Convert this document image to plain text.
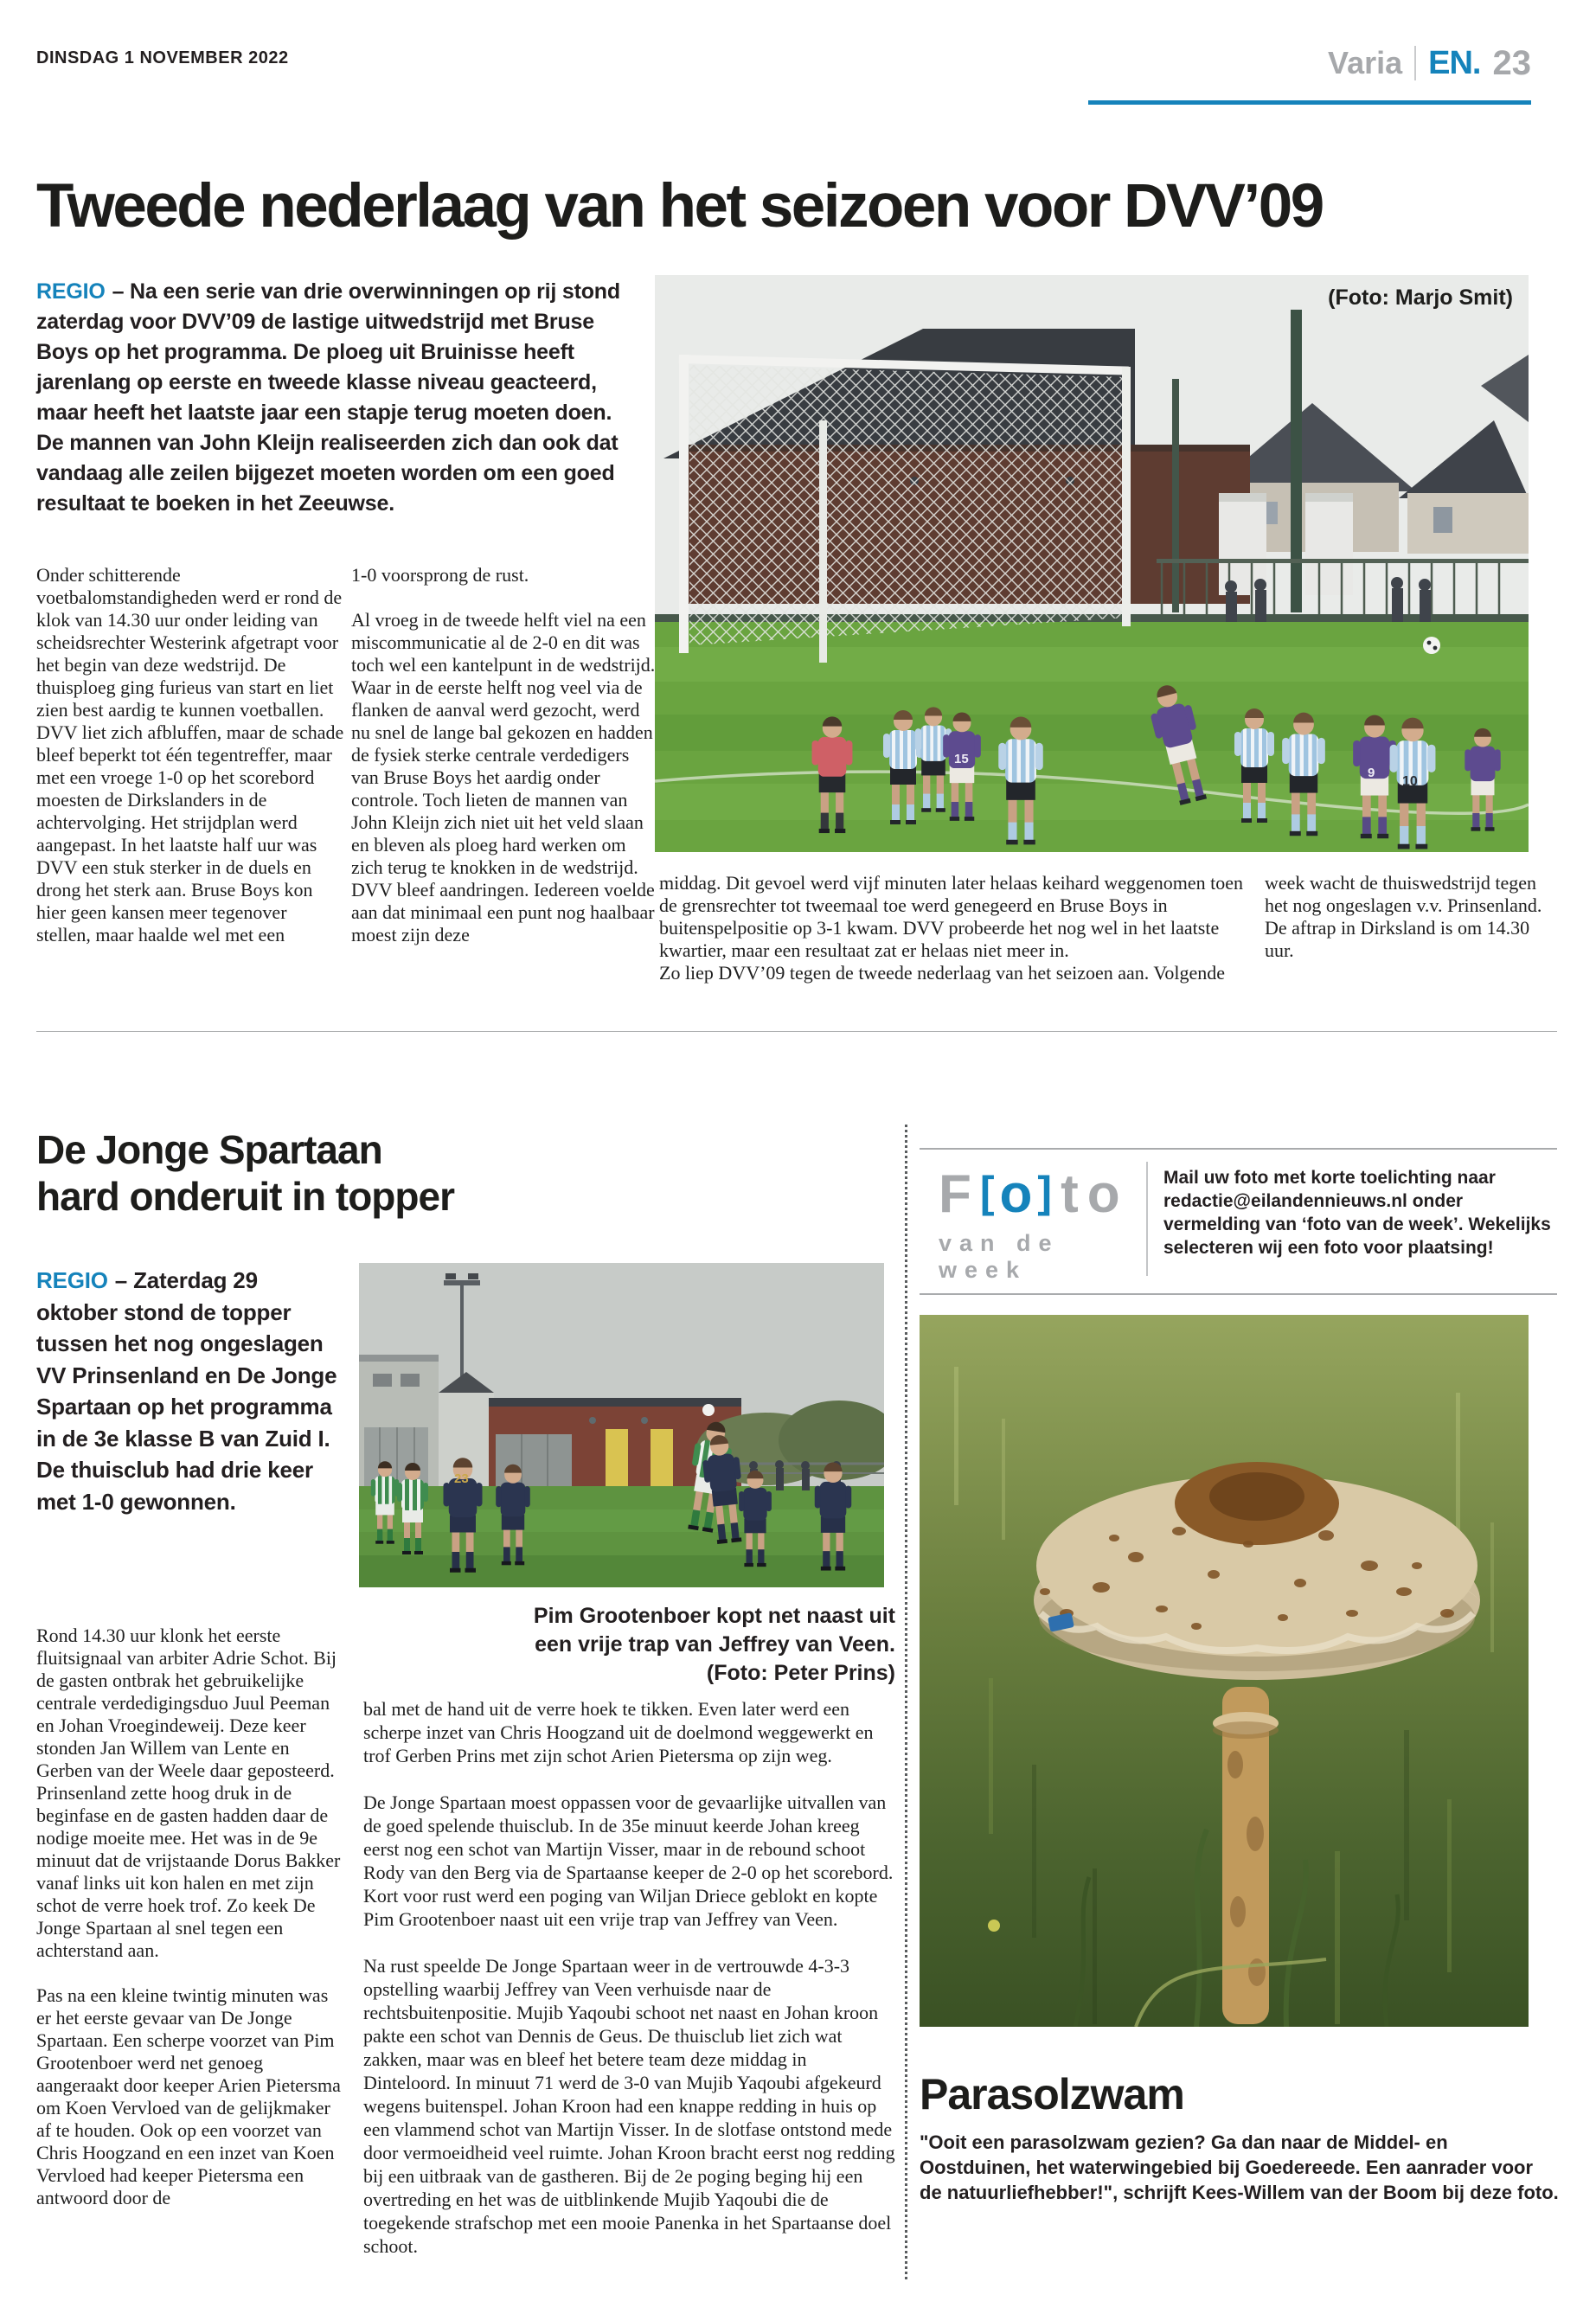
DINSDAG 1 NOVEMBER 2022	Varia EN. 23
Tweede nederlaag van het seizoen voor DVV’09
REGIO – Na een serie van drie overwinningen op rij stond zaterdag voor DVV’09 de lastige uitwedstrijd met Bruse Boys op het programma. De ploeg uit Bruinisse heeft jarenlang op eerste en tweede klasse niveau geacteerd, maar heeft het laatste jaar een stapje terug moeten doen. De mannen van John Kleijn realiseerden zich dan ook dat vandaag alle zeilen bijgezet moeten worden om een goed resultaat te boeken in het Zeeuwse.
15
9
10
(Foto: Marjo Smit)

Onder schitterende voetbalomstandigheden werd er rond de klok van 14.30 uur onder leiding van scheidsrechter Westerink afgetrapt voor het begin van deze wedstrijd. De thuisploeg ging furieus van start en liet zien best aardig te kunnen voetballen. DVV liet zich afbluffen, maar de schade bleef beperkt tot één tegentreffer, maar met een vroege 1-0 op het scorebord moesten de Dirkslanders in de achtervolging. Het strijdplan werd aangepast. In het laatste half uur was DVV een stuk sterker in de duels en drong het sterk aan. Bruse Boys kon hier geen kansen meer tegenover stellen, maar haalde wel met een

1-0 voorsprong de rust.

Al vroeg in de tweede helft viel na een miscommunicatie al de 2-0 en dit was toch wel een kantelpunt in de wedstrijd. Waar in de eerste helft nog veel via de flanken de aanval werd gezocht, werd nu snel de lange bal gekozen en hadden de fysiek sterke centrale verdedigers van Bruse Boys het aardig onder controle. Toch lieten de mannen van John Kleijn zich niet uit het veld slaan en bleven als ploeg hard werken om zich terug te knokken in de wedstrijd. DVV bleef aandringen. Iedereen voelde aan dat minimaal een punt nog haalbaar moest zijn deze

middag. Dit gevoel werd vijf minuten later helaas keihard weggenomen toen de grensrechter tot tweemaal toe werd genegeerd en Bruse Boys in buitenspelpositie op 3-1 kwam. DVV probeerde het nog wel in het laatste kwartier, maar een resultaat zat er helaas niet meer in.

Zo liep DVV’09 tegen de tweede nederlaag van het seizoen aan. Volgende

week wacht de thuiswedstrijd tegen het nog ongeslagen v.v. Prinsenland. De aftrap in Dirksland is om 14.30 uur.

De Jonge Spartaan
hard onderuit in topper
REGIO – Zaterdag 29 oktober stond de topper tussen het nog ongeslagen VV Prinsenland en De Jonge Spartaan op het programma in de 3e klasse B van Zuid I. De thuisclub had drie keer met 1-0 gewonnen.

Rond 14.30 uur klonk het eerste fluitsignaal van arbiter Adrie Schot. Bij de gasten ontbrak het gebruikelijke centrale verdedigingsduo Juul Peeman en Johan Vroegindeweij. Deze keer stonden Jan Willem van Lente en Gerben van der Weele daar geposteerd. Prinsenland zette hoog druk in de beginfase en de gasten hadden daar de nodige moeite mee. Het was in de 9e minuut dat de vrijstaande Dorus Bakker vanaf links uit kon halen en met zijn schot de verre hoek trof. Zo keek De Jonge Spartaan al snel tegen een achterstand aan.

Pas na een kleine twintig minuten was er het eerste gevaar van De Jonge Spartaan. Een scherpe voorzet van Pim Grootenboer werd net genoeg aangeraakt door keeper Arien Pietersma om Koen Vervloed van de gelijkmaker af te houden. Ook op een voorzet van Chris Hoogzand en een inzet van Koen Vervloed had keeper Pietersma een antwoord door de

23
Pim Grootenboer kopt net naast uit
een vrije trap van Jeffrey van Veen.
(Foto: Peter Prins)

bal met de hand uit de verre hoek te tikken. Even later werd een scherpe inzet van Chris Hoogzand uit de doelmond weggewerkt en trof Gerben Prins met zijn schot Arien Pietersma op zijn weg.

De Jonge Spartaan moest oppassen voor de gevaarlijke uitvallen van de goed spelende thuisclub. In de 35e minuut keerde Johan kreeg eerst nog een schot van Martijn Visser, maar in de rebound schoot Rody van den Berg via de Spartaanse keeper de 2-0 op het scorebord. Kort voor rust werd een poging van Wiljan Driece geblokt en kopte Pim Grootenboer naast uit een vrije trap van Jeffrey van Veen.

Na rust speelde De Jonge Spartaan weer in de vertrouwde 4-3-3 opstelling waarbij Jeffrey van Veen verhuisde naar de rechtsbuitenpositie. Mujib Yaqoubi schoot net naast en Johan kroon pakte een schot van Dennis de Geus. De thuisclub liet zich wat zakken, maar was en bleef het betere team deze middag in Dinteloord. In minuut 71 werd de 3-0 van Mujib Yaqoubi afgekeurd wegens buitenspel. Johan Kroon had een knappe redding in huis op een vlammend schot van Martijn Visser. In de slotfase ontstond mede door vermoeidheid veel ruimte. Johan Kroon bracht eerst nog redding bij een uitbraak van de gastheren. Bij de 2e poging beging hij een overtreding en het was de uitblinkende Mujib Yaqoubi die de toegekende strafschop met een mooie Panenka in het Spartaanse doel schoot.

F [ o ] t o
van de week
Mail uw foto met korte toelichting naar redactie@eilandennieuws.nl onder vermelding van ‘foto van de week’. Wekelijks selecteren wij een foto voor plaatsing!
Parasolzwam
"Ooit een parasolzwam gezien? Ga dan naar de Middel- en Oostduinen, het waterwingebied bij Goedereede. Een aanrader voor de natuurliefhebber!", schrijft Kees-Willem van der Boom bij deze foto.
